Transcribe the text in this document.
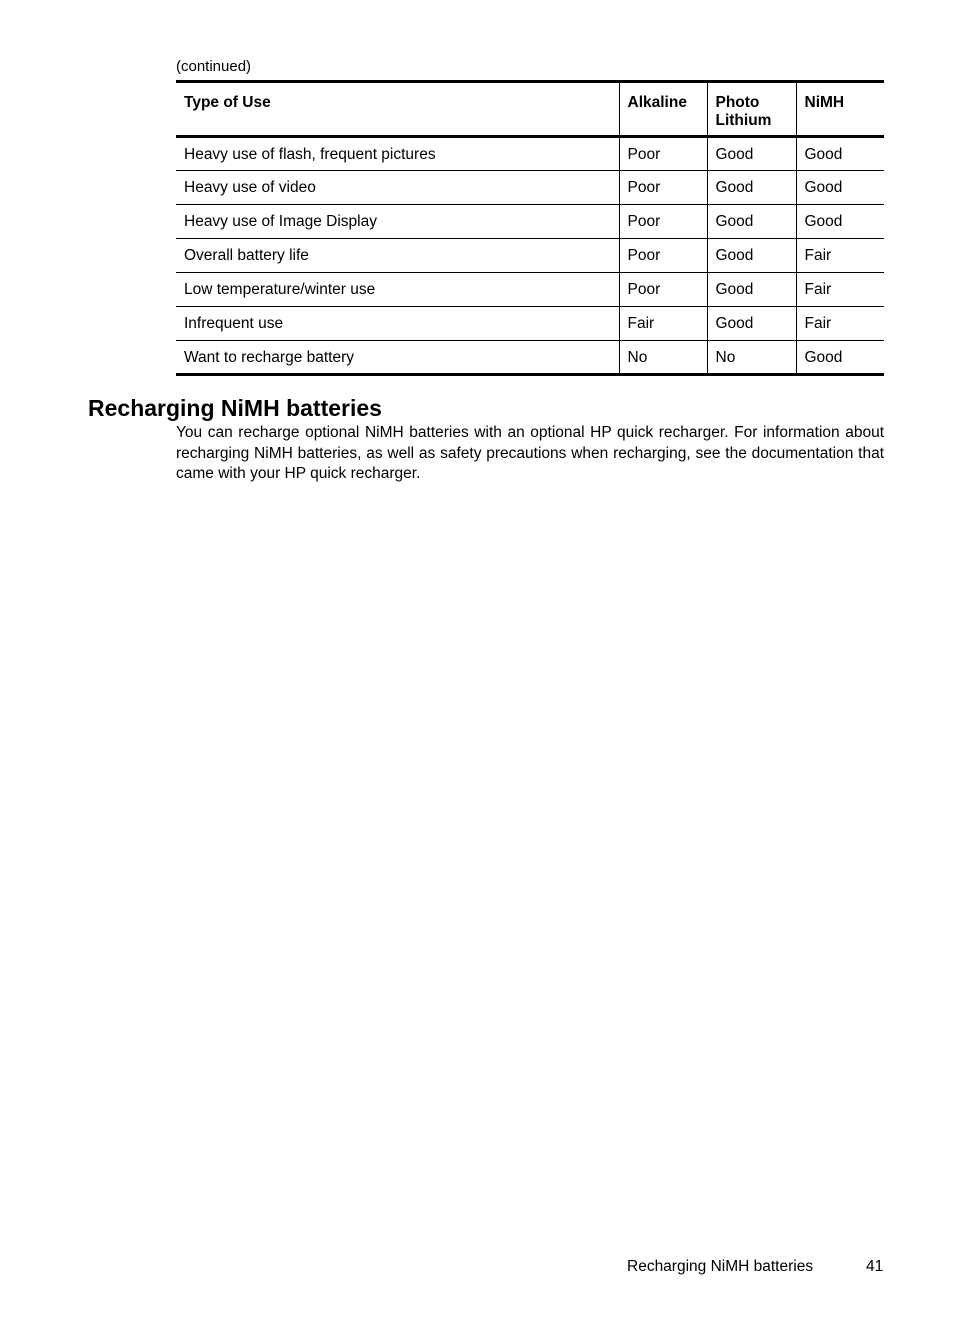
(continued)
Type of Use	Alkaline	Photo Lithium	NiMH
Heavy use of flash, frequent pictures	Poor	Good	Good
Heavy use of video	Poor	Good	Good
Heavy use of Image Display	Poor	Good	Good
Overall battery life	Poor	Good	Fair
Low temperature/winter use	Poor	Good	Fair
Infrequent use	Fair	Good	Fair
Want to recharge battery	No	No	Good
Recharging NiMH batteries

You can recharge optional NiMH batteries with an optional HP quick recharger. For information about recharging NiMH batteries, as well as safety precautions when recharging, see the documentation that came with your HP quick recharger.

Recharging NiMH batteries	41
